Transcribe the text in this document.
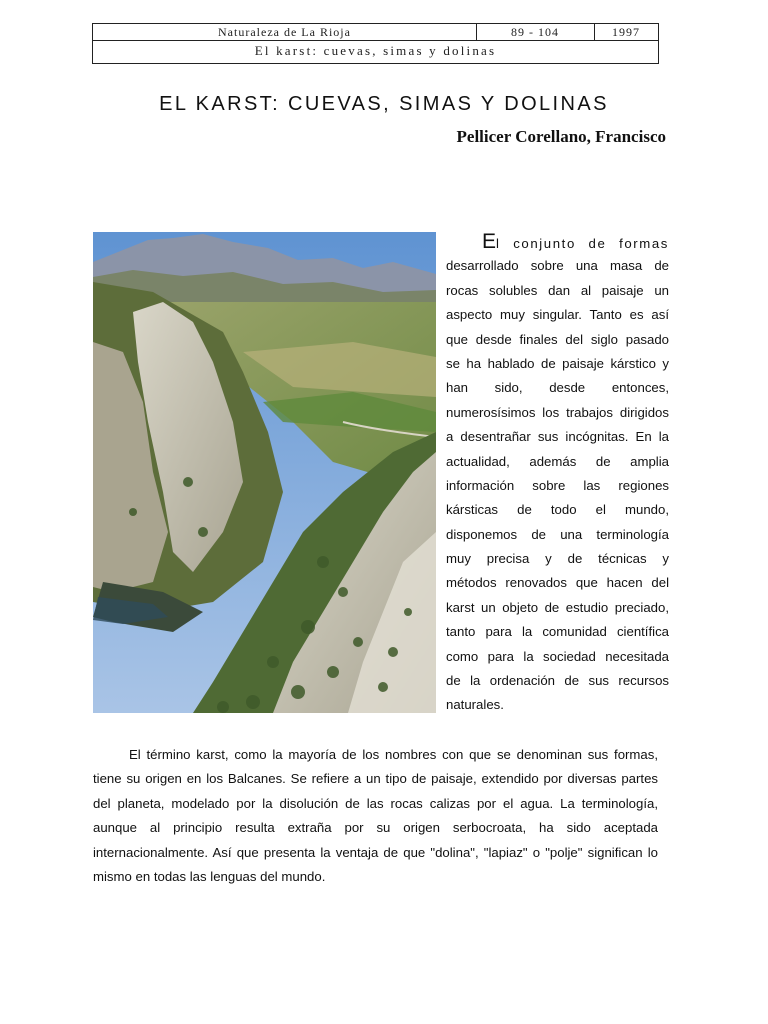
Naturaleza de La Rioja	89 - 104	1997
El karst: cuevas, simas y dolinas
EL KARST: CUEVAS, SIMAS Y DOLINAS
Pellicer Corellano, Francisco
El conjunto de formas
desarrollado sobre una masa de
rocas solubles dan al paisaje un
aspecto muy singular. Tanto es así
que desde finales del siglo pasado
se ha hablado de paisaje kárstico y
han sido, desde entonces,
numerosísimos los trabajos dirigidos
a desentrañar sus incógnitas. En la
actualidad, además de amplia
información sobre las regiones
kársticas de todo el mundo,
disponemos de una terminología
muy precisa y de técnicas y
métodos renovados que hacen del
karst un objeto de estudio preciado,
tanto para la comunidad científica
como para la sociedad necesitada
de la ordenación de sus recursos
naturales.
El término karst, como la mayoría de los nombres con que se denominan sus formas,
tiene su origen en los Balcanes. Se refiere a un tipo de paisaje, extendido por diversas partes
del planeta, modelado por la disolución de las rocas calizas por el agua. La terminología,
aunque al principio resulta extraña por su origen serbocroata, ha sido aceptada
internacionalmente. Así que presenta la ventaja de que "dolina", "lapiaz" o "polje" significan lo
mismo en todas las lenguas del mundo.
